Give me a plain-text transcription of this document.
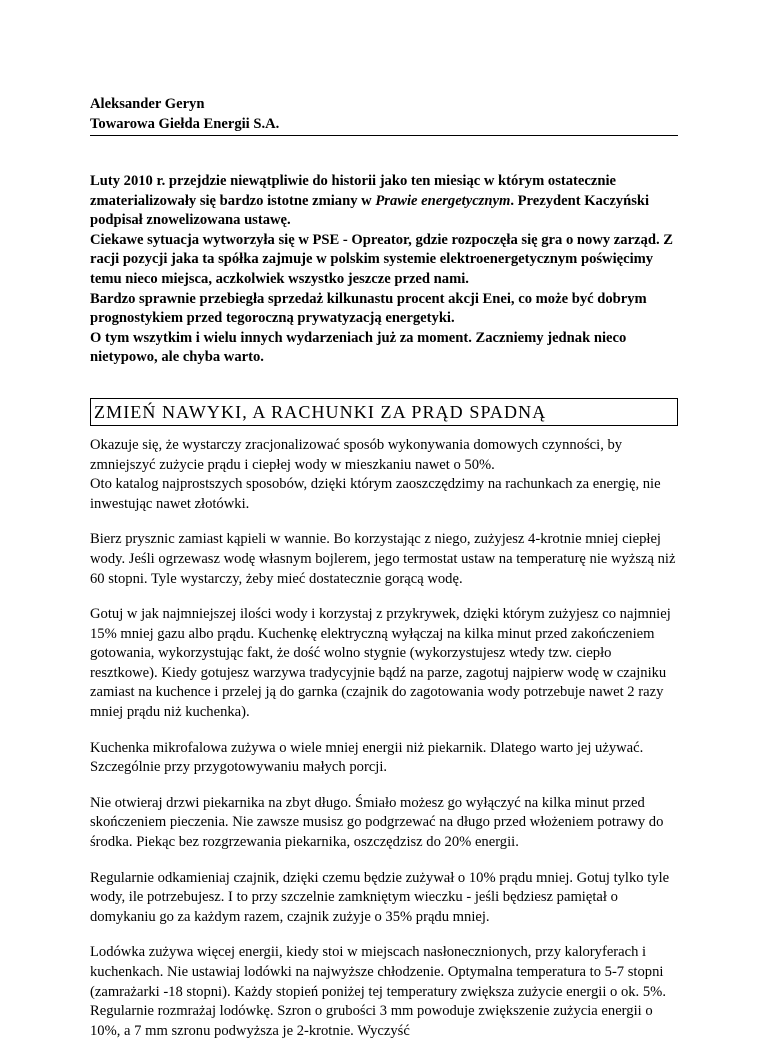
Aleksander Geryn
Towarowa Giełda Energii S.A.

Luty 2010 r. przejdzie niewątpliwie do historii jako ten miesiąc w którym ostatecznie zmaterializowały się bardzo istotne zmiany w Prawie energetycznym. Prezydent Kaczyński podpisał znowelizowana ustawę.

Ciekawe sytuacja wytworzyła się w PSE - Opreator, gdzie rozpoczęła się gra o nowy zarząd. Z racji pozycji jaka ta spółka zajmuje w polskim systemie elektroenergetycznym poświęcimy temu nieco miejsca, aczkolwiek wszystko jeszcze przed nami.

Bardzo sprawnie przebiegła sprzedaż kilkunastu procent akcji Enei, co może być dobrym prognostykiem przed tegoroczną prywatyzacją energetyki.

O tym wszytkim i wielu innych wydarzeniach już za moment. Zaczniemy jednak nieco nietypowo, ale chyba warto.

ZMIEŃ NAWYKI, A RACHUNKI ZA PRĄD SPADNĄ

Okazuje się, że wystarczy zracjonalizować sposób wykonywania domowych czynności, by zmniejszyć zużycie prądu i ciepłej wody w mieszkaniu nawet o 50%.

Oto katalog najprostszych sposobów, dzięki którym zaoszczędzimy na rachunkach za energię, nie inwestując nawet złotówki.

Bierz prysznic zamiast kąpieli w wannie. Bo korzystając z niego, zużyjesz 4-krotnie mniej ciepłej wody. Jeśli ogrzewasz wodę własnym bojlerem, jego termostat ustaw na temperaturę nie wyższą niż 60 stopni. Tyle wystarczy, żeby mieć dostatecznie gorącą wodę.

Gotuj w jak najmniejszej ilości wody i korzystaj z przykrywek, dzięki którym zużyjesz co najmniej 15% mniej gazu albo prądu. Kuchenkę elektryczną wyłączaj na kilka minut przed zakończeniem gotowania, wykorzystując fakt, że dość wolno stygnie (wykorzystujesz wtedy tzw. ciepło resztkowe). Kiedy gotujesz warzywa tradycyjnie bądź na parze, zagotuj najpierw wodę w czajniku zamiast na kuchence i przelej ją do garnka (czajnik do zagotowania wody potrzebuje nawet 2 razy mniej prądu niż kuchenka).

Kuchenka mikrofalowa zużywa o wiele mniej energii niż piekarnik. Dlatego warto jej używać. Szczególnie przy przygotowywaniu małych porcji.

Nie otwieraj drzwi piekarnika na zbyt długo. Śmiało możesz go wyłączyć na kilka minut przed skończeniem pieczenia. Nie zawsze musisz go podgrzewać na długo przed włożeniem potrawy do środka. Piekąc bez rozgrzewania piekarnika, oszczędzisz do 20% energii.

Regularnie odkamieniaj czajnik, dzięki czemu będzie zużywał o 10% prądu mniej. Gotuj tylko tyle wody, ile potrzebujesz. I to przy szczelnie zamkniętym wieczku - jeśli będziesz pamiętał o domykaniu go za każdym razem, czajnik zużyje o 35% prądu mniej.

Lodówka zużywa więcej energii, kiedy stoi w miejscach nasłonecznionych, przy kaloryferach i kuchenkach. Nie ustawiaj lodówki na najwyższe chłodzenie. Optymalna temperatura to 5-7 stopni (zamrażarki -18 stopni). Każdy stopień poniżej tej temperatury zwiększa zużycie energii o ok. 5%. Regularnie rozmrażaj lodówkę. Szron o grubości 3 mm powoduje zwiększenie zużycia energii o 10%, a 7 mm szronu podwyższa je 2-krotnie. Wyczyść
